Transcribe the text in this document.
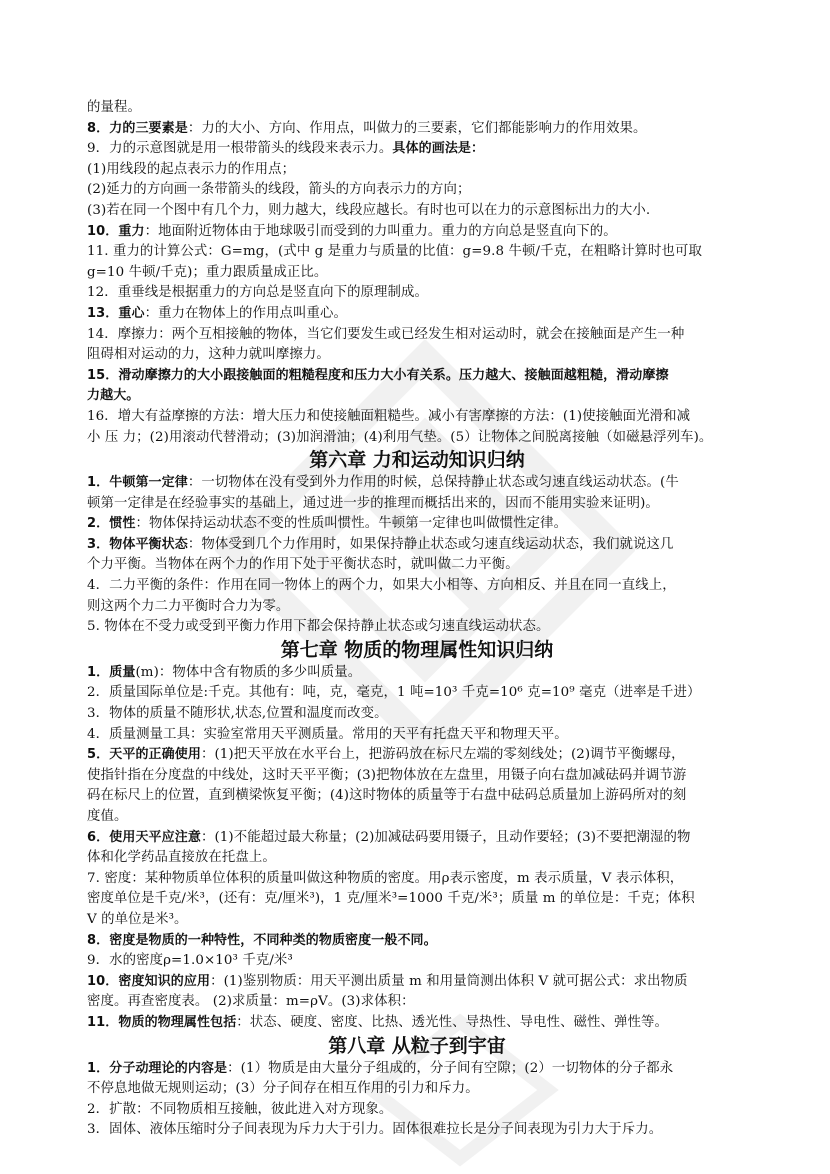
的量程。
8．力的三要素是：力的大小、方向、作用点，叫做力的三要素，它们都能影响力的作用效果。
9．力的示意图就是用一根带箭头的线段来表示力。具体的画法是：
(1)用线段的起点表示力的作用点；
(2)延力的方向画一条带箭头的线段，箭头的方向表示力的方向；
(3)若在同一个图中有几个力，则力越大，线段应越长。有时也可以在力的示意图标出力的大小.
10．重力：地面附近物体由于地球吸引而受到的力叫重力。重力的方向总是竖直向下的。
11. 重力的计算公式：G=mg，(式中 g 是重力与质量的比值：g=9.8 牛顿/千克，在粗略计算时也可取
g=10 牛顿/千克)；重力跟质量成正比。
12．重垂线是根据重力的方向总是竖直向下的原理制成。
13．重心：重力在物体上的作用点叫重心。
14．摩擦力：两个互相接触的物体，当它们要发生或已经发生相对运动时，就会在接触面是产生一种
阻碍相对运动的力，这种力就叫摩擦力。
15．滑动摩擦力的大小跟接触面的粗糙程度和压力大小有关系。压力越大、接触面越粗糙，滑动摩擦
力越大。
16．增大有益摩擦的方法：增大压力和使接触面粗糙些。减小有害摩擦的方法：(1)使接触面光滑和减
小 压 力；(2)用滚动代替滑动；(3)加润滑油；(4)利用气垫。(5）让物体之间脱离接触（如磁悬浮列车)。
第六章 力和运动知识归纳
1．牛顿第一定律：一切物体在没有受到外力作用的时候，总保持静止状态或匀速直线运动状态。(牛
顿第一定律是在经验事实的基础上，通过进一步的推理而概括出来的，因而不能用实验来证明)。
2．惯性：物体保持运动状态不变的性质叫惯性。牛顿第一定律也叫做惯性定律。
3．物体平衡状态：物体受到几个力作用时，如果保持静止状态或匀速直线运动状态，我们就说这几
个力平衡。当物体在两个力的作用下处于平衡状态时，就叫做二力平衡。
4．二力平衡的条件：作用在同一物体上的两个力，如果大小相等、方向相反、并且在同一直线上，
则这两个力二力平衡时合力为零。
5. 物体在不受力或受到平衡力作用下都会保持静止状态或匀速直线运动状态。
第七章 物质的物理属性知识归纳
1．质量(m)：物体中含有物质的多少叫质量。
2．质量国际单位是:千克。其他有：吨，克，毫克，1 吨=10³ 千克=10⁶ 克=10⁹ 毫克（进率是千进）
3．物体的质量不随形状,状态,位置和温度而改变。
4．质量测量工具：实验室常用天平测质量。常用的天平有托盘天平和物理天平。
5．天平的正确使用：(1)把天平放在水平台上，把游码放在标尺左端的零刻线处；(2)调节平衡螺母，
使指针指在分度盘的中线处，这时天平平衡；(3)把物体放在左盘里，用镊子向右盘加减砝码并调节游
码在标尺上的位置，直到横梁恢复平衡；(4)这时物体的质量等于右盘中砝码总质量加上游码所对的刻
度值。
6．使用天平应注意：(1)不能超过最大称量；(2)加减砝码要用镊子，且动作要轻；(3)不要把潮湿的物
体和化学药品直接放在托盘上。
7. 密度：某种物质单位体积的质量叫做这种物质的密度。用ρ表示密度，m 表示质量，V 表示体积，
密度单位是千克/米³，(还有：克/厘米³)，1 克/厘米³=1000 千克/米³；质量 m 的单位是：千克；体积
V 的单位是米³。
8．密度是物质的一种特性，不同种类的物质密度一般不同。
9．水的密度ρ=1.0×10³ 千克/米³
10．密度知识的应用：(1)鉴别物质：用天平测出质量 m 和用量筒测出体积 V 就可据公式：求出物质
密度。再查密度表。 (2)求质量：m=ρV。(3)求体积：
11．物质的物理属性包括：状态、硬度、密度、比热、透光性、导热性、导电性、磁性、弹性等。
第八章 从粒子到宇宙
1．分子动理论的内容是：(1）物质是由大量分子组成的，分子间有空隙；(2）一切物体的分子都永
不停息地做无规则运动；(3）分子间存在相互作用的引力和斥力。
2．扩散：不同物质相互接触，彼此进入对方现象。
3．固体、液体压缩时分子间表现为斥力大于引力。固体很难拉长是分子间表现为引力大于斥力。
